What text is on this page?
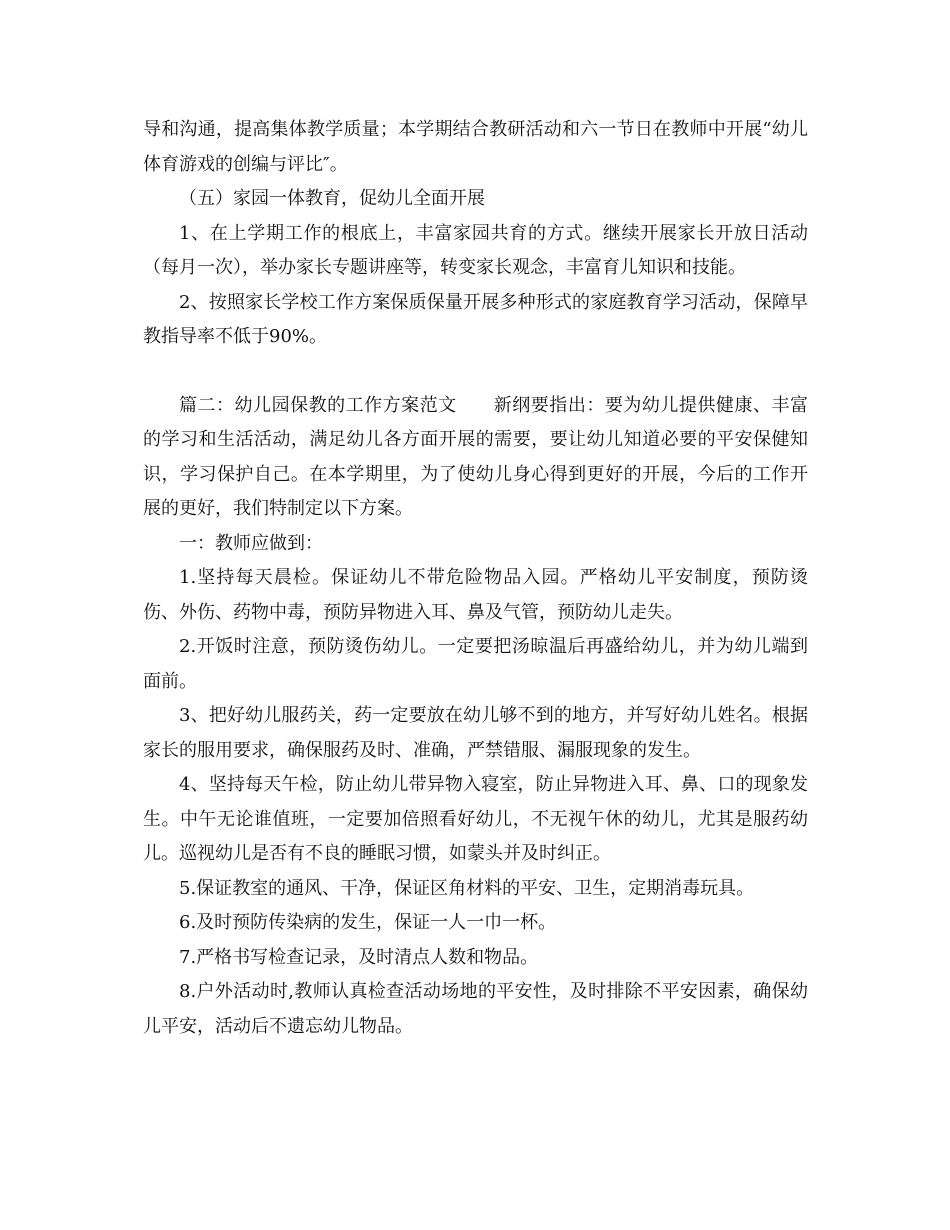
导和沟通，提高集体教学质量；本学期结合教研活动和六一节日在教师中开展“幼儿体育游戏的创编与评比″。

（五）家园一体教育，促幼儿全面开展

1、在上学期工作的根底上，丰富家园共育的方式。继续开展家长开放日活动（每月一次），举办家长专题讲座等，转变家长观念，丰富育儿知识和技能。

2、按照家长学校工作方案保质保量开展多种形式的家庭教育学习活动，保障早教指导率不低于90%。

篇二：幼儿园保教的工作方案范文　　新纲要指出：要为幼儿提供健康、丰富的学习和生活活动，满足幼儿各方面开展的需要，要让幼儿知道必要的平安保健知识，学习保护自己。在本学期里，为了使幼儿身心得到更好的开展，今后的工作开展的更好，我们特制定以下方案。

一：教师应做到：

1.坚持每天晨检。保证幼儿不带危险物品入园。严格幼儿平安制度，预防烫伤、外伤、药物中毒，预防异物进入耳、鼻及气管，预防幼儿走失。

2.开饭时注意，预防烫伤幼儿。一定要把汤晾温后再盛给幼儿，并为幼儿端到面前。

3、把好幼儿服药关，药一定要放在幼儿够不到的地方，并写好幼儿姓名。根据家长的服用要求，确保服药及时、准确，严禁错服、漏服现象的发生。

4、坚持每天午检，防止幼儿带异物入寝室，防止异物进入耳、鼻、口的现象发生。中午无论谁值班，一定要加倍照看好幼儿，不无视午休的幼儿，尤其是服药幼儿。巡视幼儿是否有不良的睡眠习惯，如蒙头并及时纠正。

5.保证教室的通风、干净，保证区角材料的平安、卫生，定期消毒玩具。

6.及时预防传染病的发生，保证一人一巾一杯。

7.严格书写检查记录，及时清点人数和物品。

8.户外活动时,教师认真检查活动场地的平安性，及时排除不平安因素，确保幼儿平安，活动后不遗忘幼儿物品。
